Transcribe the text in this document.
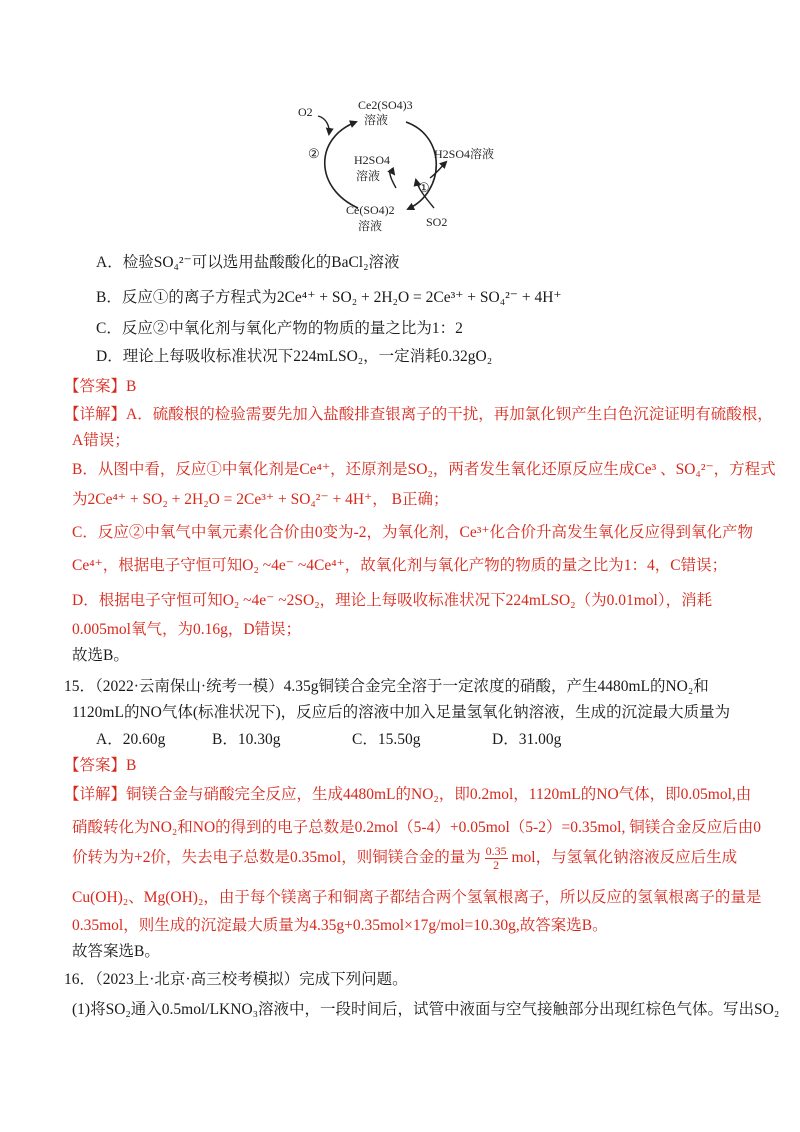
O2	Ce2(SO4)3
溶液
②	H2SO4
溶液
H2SO4溶液
①
Ce(SO4)2
溶液	SO2
A．检验SO₄²⁻可以选用盐酸酸化的BaCl₂溶液
B．反应①的离子方程式为2Ce⁴⁺ + SO₂ + 2H₂O = 2Ce³⁺ + SO₄²⁻ + 4H⁺
C．反应②中氧化剂与氧化产物的物质的量之比为1：2
D．理论上每吸收标准状况下224mLSO₂，一定消耗0.32gO₂
【答案】B
【详解】A．硫酸根的检验需要先加入盐酸排查银离子的干扰，再加氯化钡产生白色沉淀证明有硫酸根，
A错误；
B．从图中看，反应①中氧化剂是Ce⁴⁺，还原剂是SO₂，两者发生氧化还原反应生成Ce³ 、SO₄²⁻，方程式
为2Ce⁴⁺ + SO₂ + 2H₂O = 2Ce³⁺ + SO₄²⁻ + 4H⁺， B正确；
C．反应②中氧气中氧元素化合价由0变为-2，为氧化剂，Ce³⁺化合价升高发生氧化反应得到氧化产物
Ce⁴⁺，根据电子守恒可知O₂ ~4e⁻ ~4Ce⁴⁺，故氧化剂与氧化产物的物质的量之比为1：4，C错误；
D．根据电子守恒可知O₂ ~4e⁻ ~2SO₂，理论上每吸收标准状况下224mLSO₂（为0.01mol），消耗
0.005mol氧气，为0.16g，D错误；
故选B。
15．（2022·云南保山·统考一模）4.35g铜镁合金完全溶于一定浓度的硝酸，产生4480mL的NO₂和
1120mL的NO气体(标准状况下)，反应后的溶液中加入足量氢氧化钠溶液，生成的沉淀最大质量为
A．20.60g	B．10.30g	C．15.50g	D．31.00g
【答案】B
【详解】铜镁合金与硝酸完全反应，生成4480mL的NO₂，即0.2mol，1120mL的NO气体，即0.05mol,由
硝酸转化为NO₂和NO的得到的电子总数是0.2mol（5-4）+0.05mol（5-2）=0.35mol, 铜镁合金反应后由0
价转为为+2价，失去电子总数是0.35mol，则铜镁合金的量为 $\frac{0.35}{2}$ mol，与氢氧化钠溶液反应后生成
Cu(OH)₂、Mg(OH)₂，由于每个镁离子和铜离子都结合两个氢氧根离子，所以反应的氢氧根离子的量是
0.35mol，则生成的沉淀最大质量为4.35g+0.35mol×17g/mol=10.30g,故答案选B。
故答案选B。
16．（2023上·北京·高三校考模拟）完成下列问题。
(1)将SO₂通入0.5mol/LKNO₃溶液中，一段时间后，试管中液面与空气接触部分出现红棕色气体。写出SO₂
